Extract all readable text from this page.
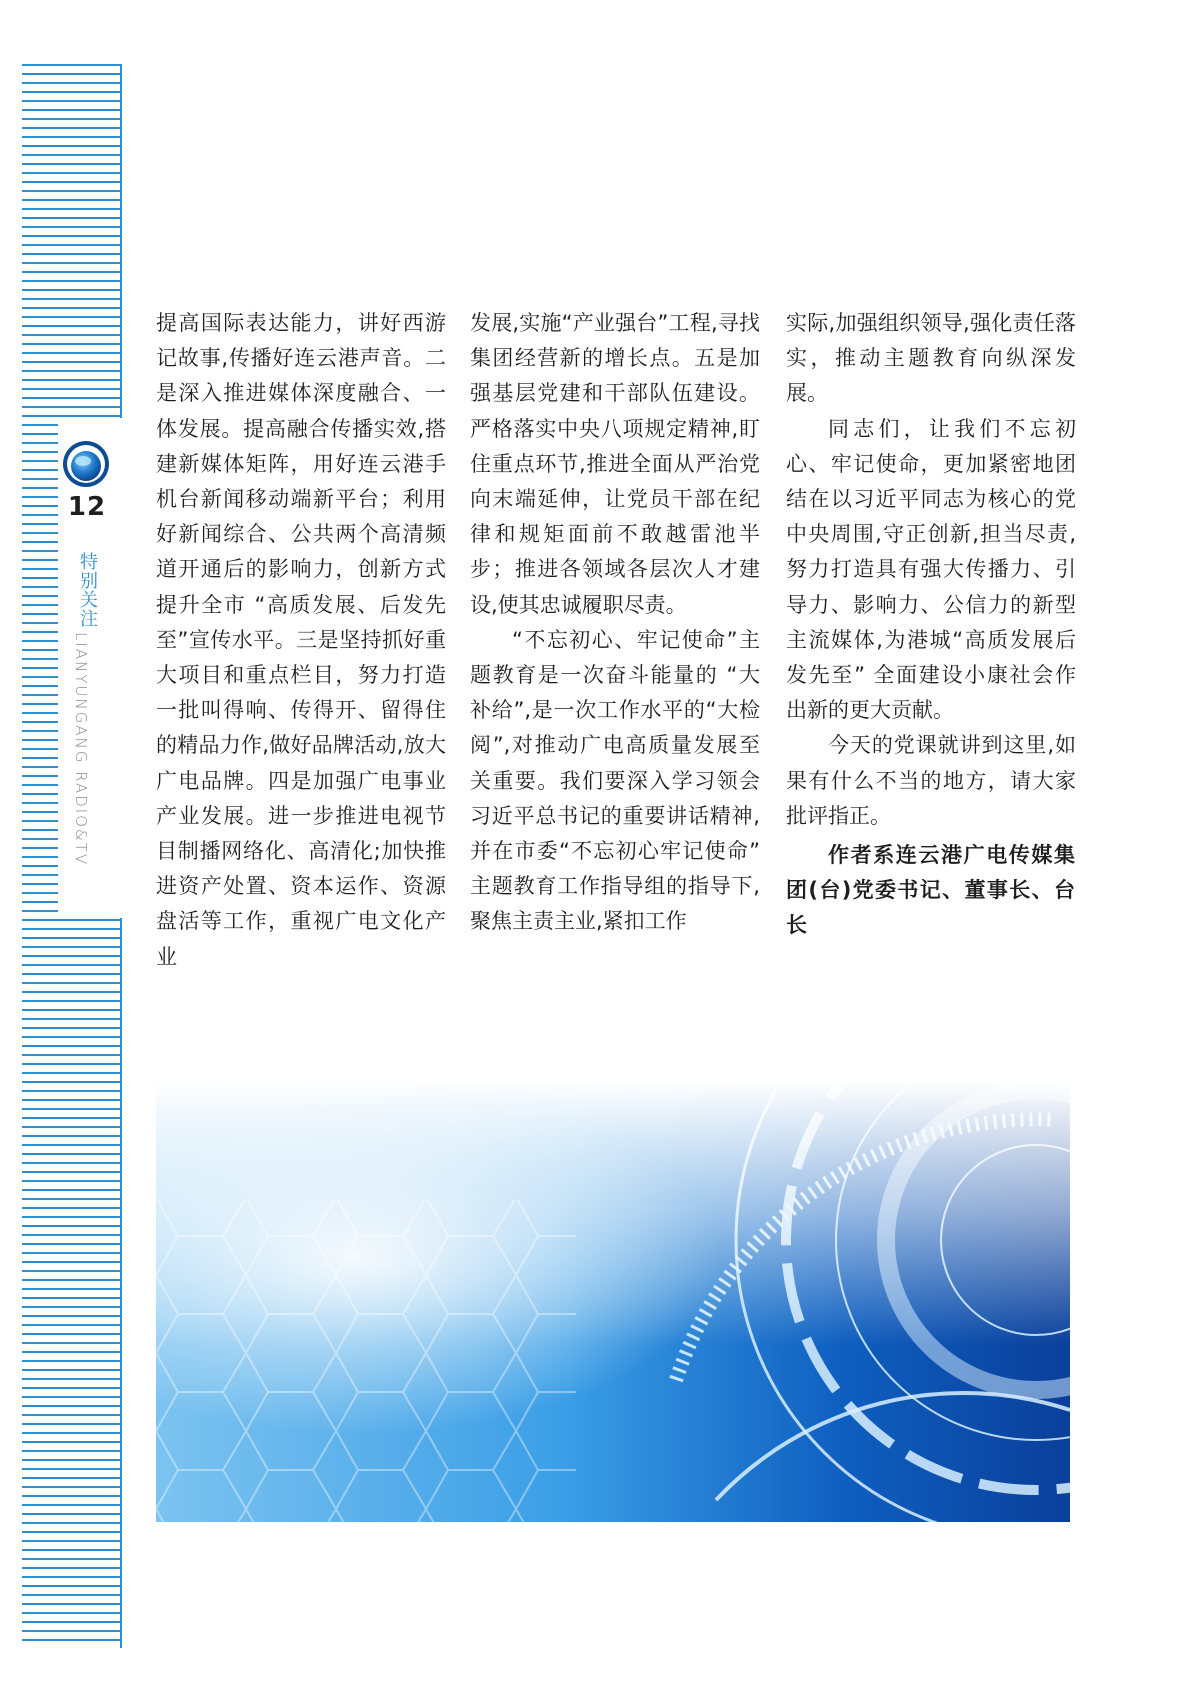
12
特别关注
LIANYUNGANG RADIO&TV

提高国际表达能力，讲好西游记故事,传播好连云港声音。二是深入推进媒体深度融合、一体发展。提高融合传播实效,搭建新媒体矩阵，用好连云港手机台新闻移动端新平台；利用好新闻综合、公共两个高清频道开通后的影响力，创新方式提升全市 “高质发展、后发先至”宣传水平。三是坚持抓好重大项目和重点栏目，努力打造一批叫得响、传得开、留得住的精品力作,做好品牌活动,放大广电品牌。四是加强广电事业产业发展。进一步推进电视节目制播网络化、高清化;加快推进资产处置、资本运作、资源盘活等工作，重视广电文化产业

发展,实施“产业强台”工程,寻找集团经营新的增长点。五是加强基层党建和干部队伍建设。严格落实中央八项规定精神,盯住重点环节,推进全面从严治党向末端延伸，让党员干部在纪律和规矩面前不敢越雷池半步；推进各领域各层次人才建设,使其忠诚履职尽责。

“不忘初心、牢记使命”主题教育是一次奋斗能量的 “大补给”,是一次工作水平的“大检阅”,对推动广电高质量发展至关重要。我们要深入学习领会习近平总书记的重要讲话精神,并在市委“不忘初心牢记使命” 主题教育工作指导组的指导下,聚焦主责主业,紧扣工作

实际,加强组织领导,强化责任落实，推动主题教育向纵深发展。

同志们，让我们不忘初心、牢记使命，更加紧密地团结在以习近平同志为核心的党中央周围,守正创新,担当尽责,努力打造具有强大传播力、引导力、影响力、公信力的新型主流媒体,为港城“高质发展后发先至” 全面建设小康社会作出新的更大贡献。

今天的党课就讲到这里,如果有什么不当的地方，请大家批评指正。

作者系连云港广电传媒集团(台)党委书记、董事长、台长
